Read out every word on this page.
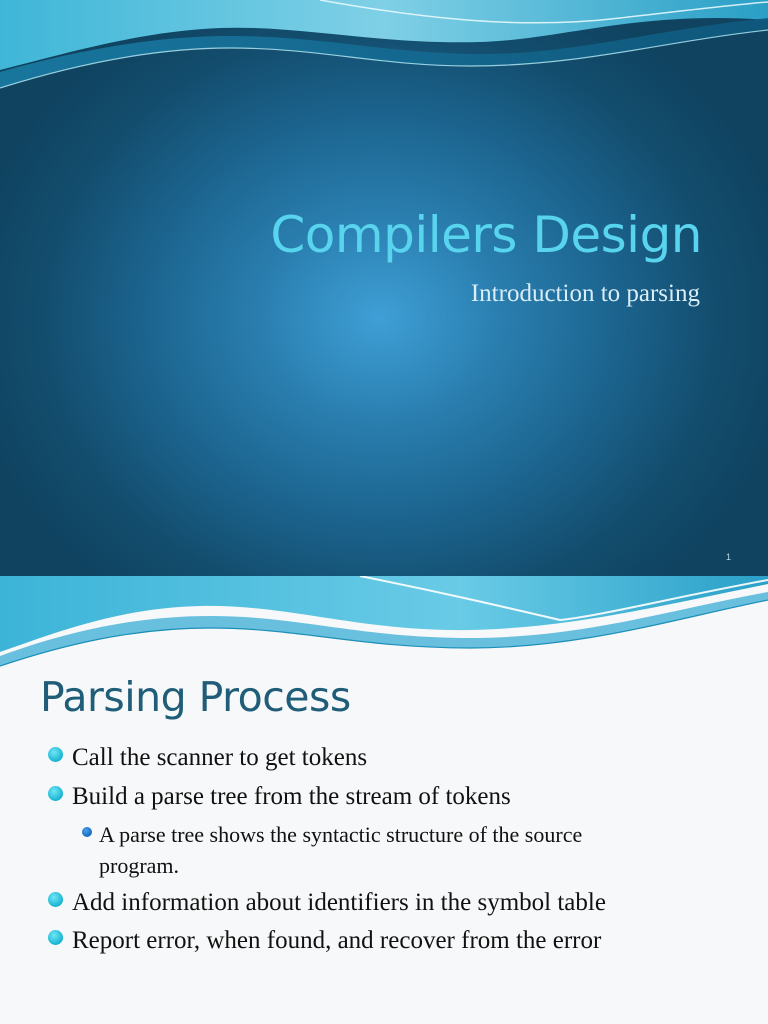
Compilers Design
Introduction to parsing
1
Parsing Process
Call the scanner to get tokens
Build a parse tree from the stream of tokens
A parse tree shows the syntactic structure of the source
program.
Add information about identifiers in the symbol table
Report error, when found, and recover from the error
